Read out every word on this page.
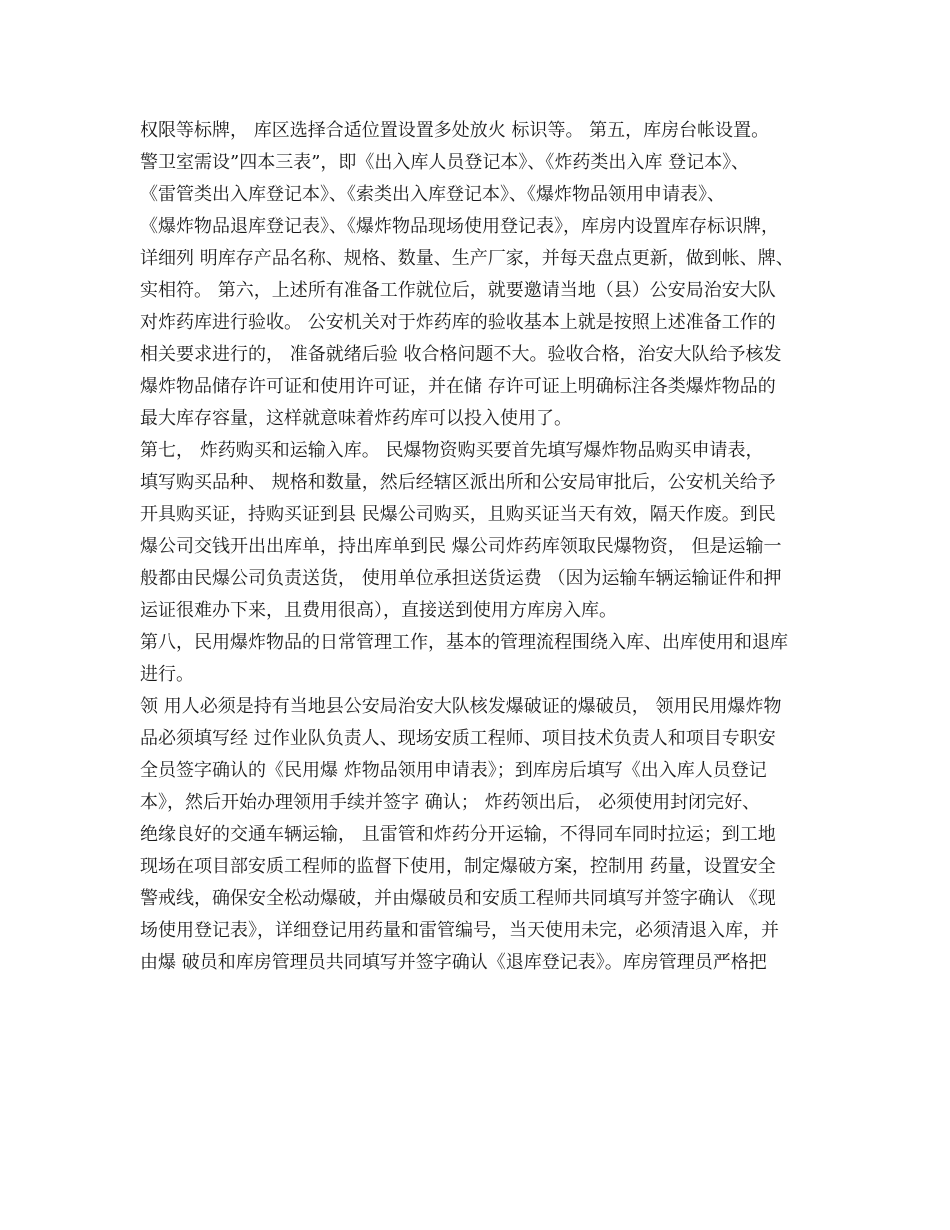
权限等标牌， 库区选择合适位置设置多处放火 标识等。 第五，库房台帐设置。
警卫室需设”四本三表”，即《出入库人员登记本》、《炸药类出入库 登记本》、
《雷管类出入库登记本》、《索类出入库登记本》、《爆炸物品领用申请表》、
《爆炸物品退库登记表》、《爆炸物品现场使用登记表》，库房内设置库存标识牌，
详细列 明库存产品名称、规格、数量、生产厂家，并每天盘点更新，做到帐、牌、
实相符。 第六，上述所有准备工作就位后，就要邀请当地（县）公安局治安大队
对炸药库进行验收。 公安机关对于炸药库的验收基本上就是按照上述准备工作的
相关要求进行的， 准备就绪后验 收合格问题不大。验收合格，治安大队给予核发
爆炸物品储存许可证和使用许可证，并在储 存许可证上明确标注各类爆炸物品的
最大库存容量，这样就意味着炸药库可以投入使用了。
第七， 炸药购买和运输入库。 民爆物资购买要首先填写爆炸物品购买申请表，
填写购买品种、 规格和数量，然后经辖区派出所和公安局审批后，公安机关给予
开具购买证，持购买证到县 民爆公司购买，且购买证当天有效，隔天作废。到民
爆公司交钱开出出库单，持出库单到民 爆公司炸药库领取民爆物资， 但是运输一
般都由民爆公司负责送货， 使用单位承担送货运费 （因为运输车辆运输证件和押
运证很难办下来，且费用很高），直接送到使用方库房入库。
第八，民用爆炸物品的日常管理工作，基本的管理流程围绕入库、出库使用和退库
进行。
领 用人必须是持有当地县公安局治安大队核发爆破证的爆破员， 领用民用爆炸物
品必须填写经 过作业队负责人、现场安质工程师、项目技术负责人和项目专职安
全员签字确认的《民用爆 炸物品领用申请表》；到库房后填写《出入库人员登记
本》，然后开始办理领用手续并签字 确认； 炸药领出后， 必须使用封闭完好、
绝缘良好的交通车辆运输， 且雷管和炸药分开运输，不得同车同时拉运；到工地
现场在项目部安质工程师的监督下使用，制定爆破方案，控制用 药量，设置安全
警戒线，确保安全松动爆破，并由爆破员和安质工程师共同填写并签字确认 《现
场使用登记表》，详细登记用药量和雷管编号，当天使用未完，必须清退入库，并
由爆 破员和库房管理员共同填写并签字确认《退库登记表》。库房管理员严格把
